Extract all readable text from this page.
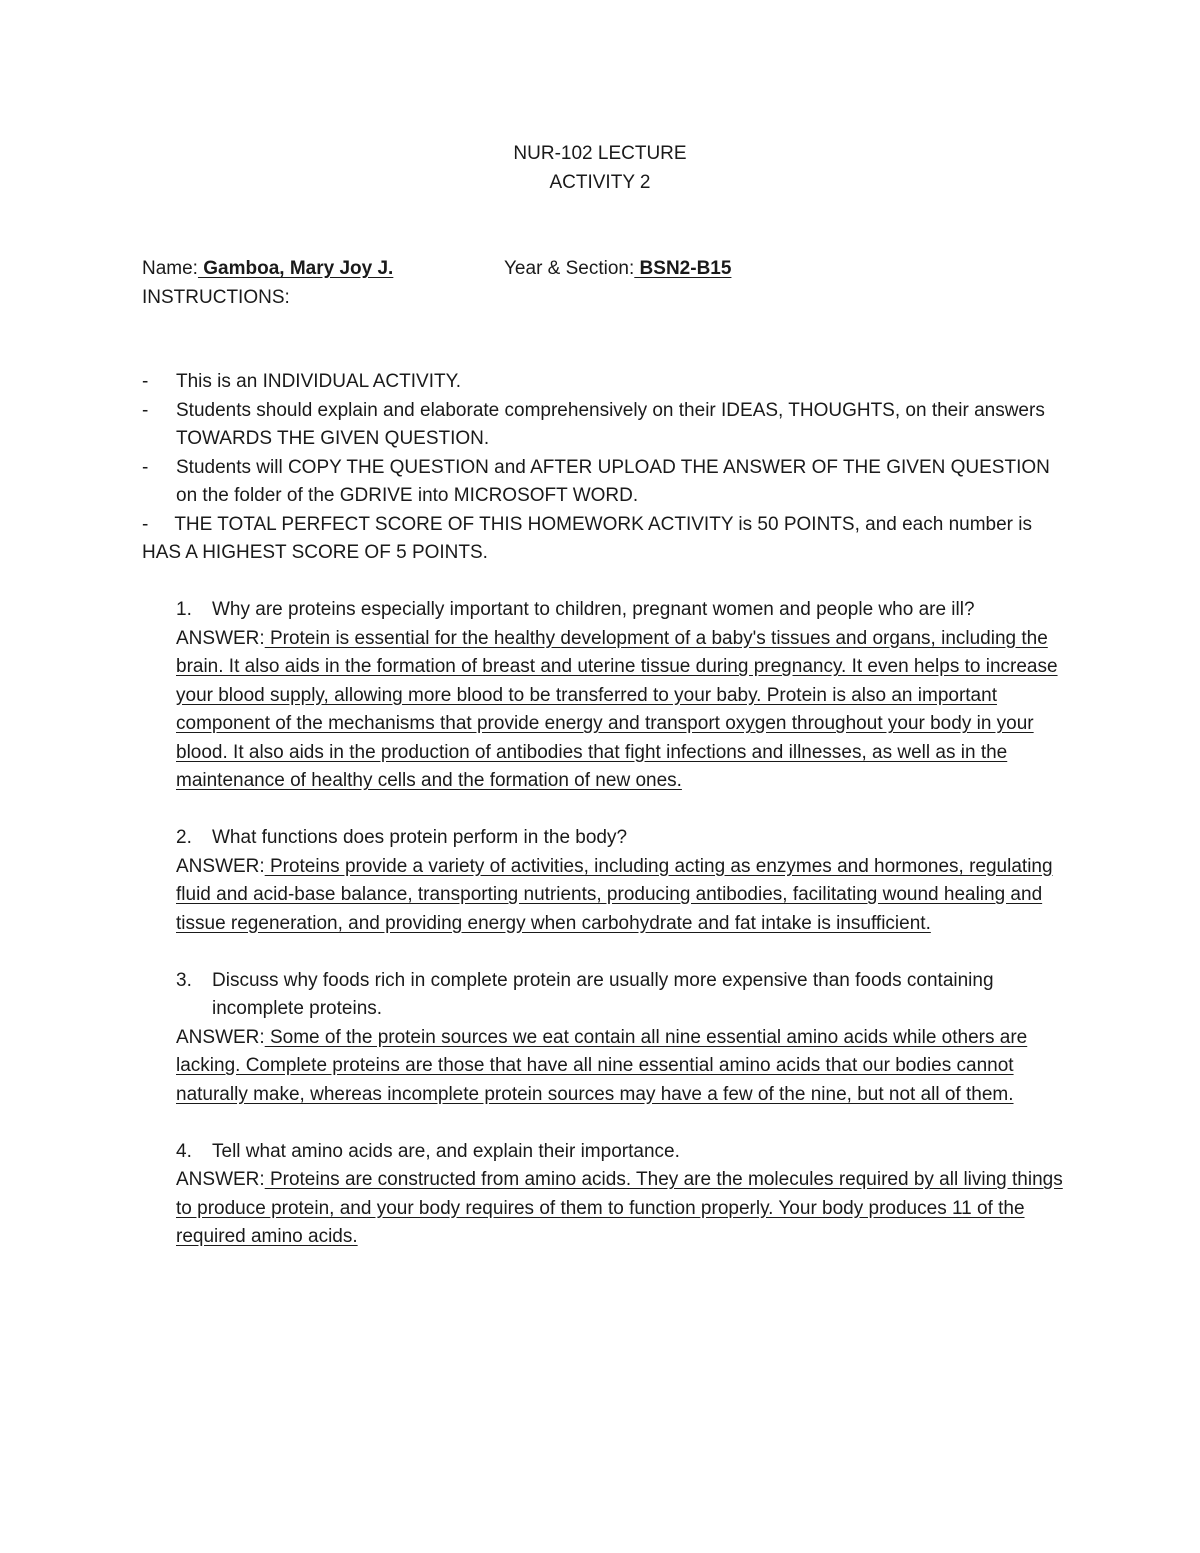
NUR-102 LECTURE
ACTIVITY 2
Name: Gamboa, Mary Joy J.	Year & Section: BSN2-B15
INSTRUCTIONS:
- This is an INDIVIDUAL ACTIVITY.
- Students should explain and elaborate comprehensively on their IDEAS, THOUGHTS, on their answers TOWARDS THE GIVEN QUESTION.
- Students will COPY THE QUESTION and AFTER UPLOAD THE ANSWER OF THE GIVEN QUESTION on the folder of the GDRIVE into MICROSOFT WORD.
- THE TOTAL PERFECT SCORE OF THIS HOMEWORK ACTIVITY is 50 POINTS, and each number is HAS A HIGHEST SCORE OF 5 POINTS.
1. Why are proteins especially important to children, pregnant women and people who are ill?

ANSWER: Protein is essential for the healthy development of a baby's tissues and organs, including the brain. It also aids in the formation of breast and uterine tissue during pregnancy. It even helps to increase your blood supply, allowing more blood to be transferred to your baby. Protein is also an important component of the mechanisms that provide energy and transport oxygen throughout your body in your blood. It also aids in the production of antibodies that fight infections and illnesses, as well as in the maintenance of healthy cells and the formation of new ones.

2. What functions does protein perform in the body?

ANSWER: Proteins provide a variety of activities, including acting as enzymes and hormones, regulating fluid and acid-base balance, transporting nutrients, producing antibodies, facilitating wound healing and tissue regeneration, and providing energy when carbohydrate and fat intake is insufficient.

3. Discuss why foods rich in complete protein are usually more expensive than foods containing incomplete proteins.

ANSWER: Some of the protein sources we eat contain all nine essential amino acids while others are lacking. Complete proteins are those that have all nine essential amino acids that our bodies cannot naturally make, whereas incomplete protein sources may have a few of the nine, but not all of them.

4. Tell what amino acids are, and explain their importance.

ANSWER: Proteins are constructed from amino acids. They are the molecules required by all living things to produce protein, and your body requires of them to function properly. Your body produces 11 of the required amino acids.
